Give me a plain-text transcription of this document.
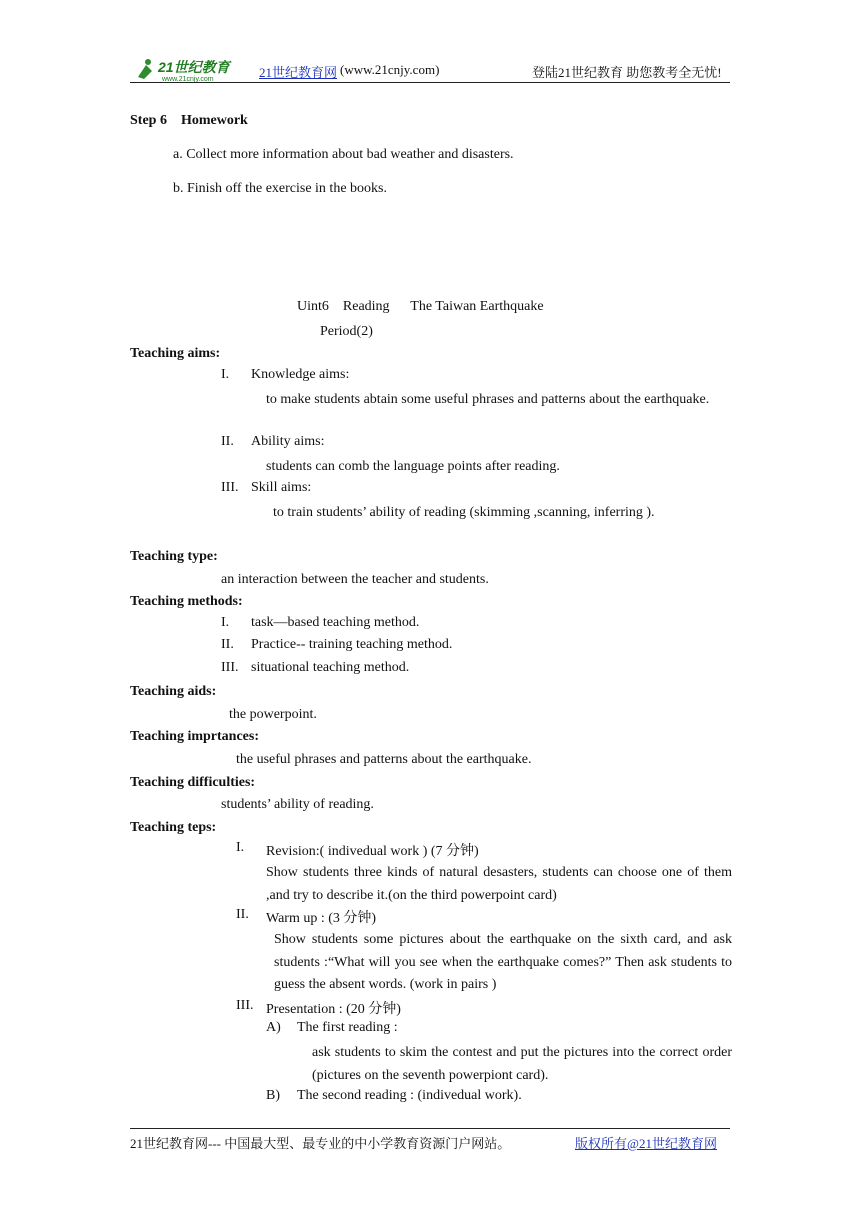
21世纪教育
www.21cnjy.com	21世纪教育网 (www.21cnjy.com)	登陆21世纪教育 助您教考全无忧!
Step 6    Homework
a. Collect more information about bad weather and disasters.
b. Finish off the exercise in the books.
Uint6    Reading      The Taiwan Earthquake
Period(2)
Teaching aims:
I. Knowledge aims:
to make students abtain some useful phrases and patterns about the earthquake.
II. Ability aims:
students can comb the language points after reading.
III. Skill aims:
to train students’ ability of reading (skimming ,scanning, inferring ).
Teaching type:
an interaction between the teacher and students.
Teaching methods:
I. task—based teaching method.
II. Practice-- training teaching method.
III. situational teaching method.
Teaching aids:
the powerpoint.
Teaching imprtances:
the useful phrases and patterns about the earthquake.
Teaching difficulties:
students’ ability of reading.
Teaching teps:
I. Revision:( indivedual work ) (7 分钟)
Show students three kinds of natural desasters, students can choose one of them ,and try to describe it.(on the third powerpoint card)
II. Warm up : (3 分钟)
Show students some pictures about the earthquake on the sixth card, and ask students :“What will you see when the earthquake comes?” Then ask students to guess the absent words. (work in pairs )
III. Presentation : (20 分钟)
A) The first reading :
ask students to skim the contest and put the pictures into the correct order (pictures on the seventh powerpiont card).
B) The second reading : (indivedual work).
21世纪教育网--- 中国最大型、最专业的中小学教育资源门户网站。	版权所有@21世纪教育网
